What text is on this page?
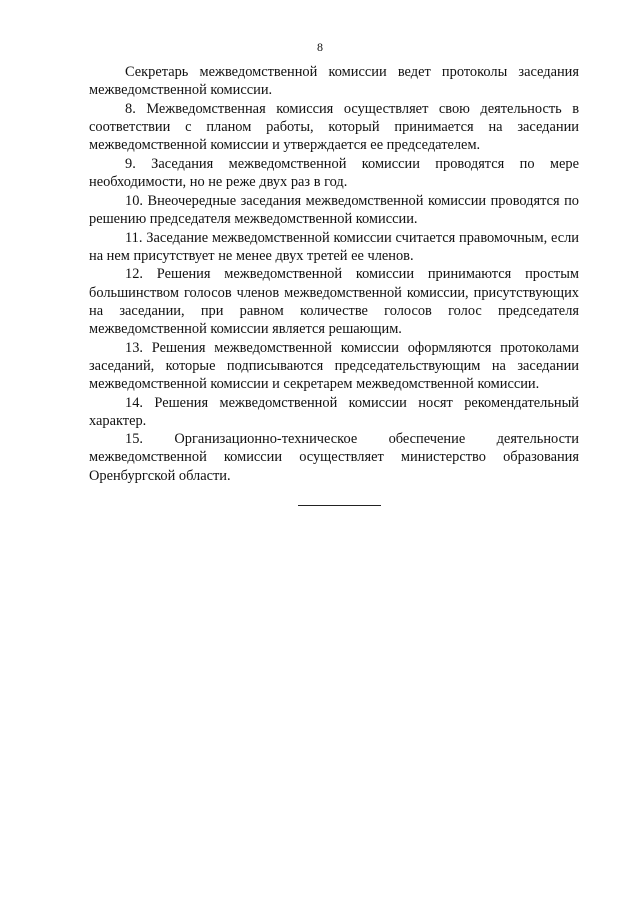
8

Секретарь межведомственной комиссии ведет протоколы заседания межведомственной комиссии.

8. Межведомственная комиссия осуществляет свою деятельность в соответствии с планом работы, который принимается на заседании межведомственной комиссии и утверждается ее председателем.

9. Заседания межведомственной комиссии проводятся по мере необходимости, но не реже двух раз в год.

10. Внеочередные заседания межведомственной комиссии проводятся по решению председателя межведомственной комиссии.

11. Заседание межведомственной комиссии считается правомочным, если на нем присутствует не менее двух третей ее членов.

12. Решения межведомственной комиссии принимаются простым большинством голосов членов межведомственной комиссии, присутствующих на заседании, при равном количестве голосов голос председателя межведомственной комиссии является решающим.

13. Решения межведомственной комиссии оформляются протоколами заседаний, которые подписываются председательствующим на заседании межведомственной комиссии и секретарем межведомственной комиссии.

14. Решения межведомственной комиссии носят рекомендательный характер.

15. Организационно-техническое обеспечение деятельности межведомственной комиссии осуществляет министерство образования Оренбургской области.
